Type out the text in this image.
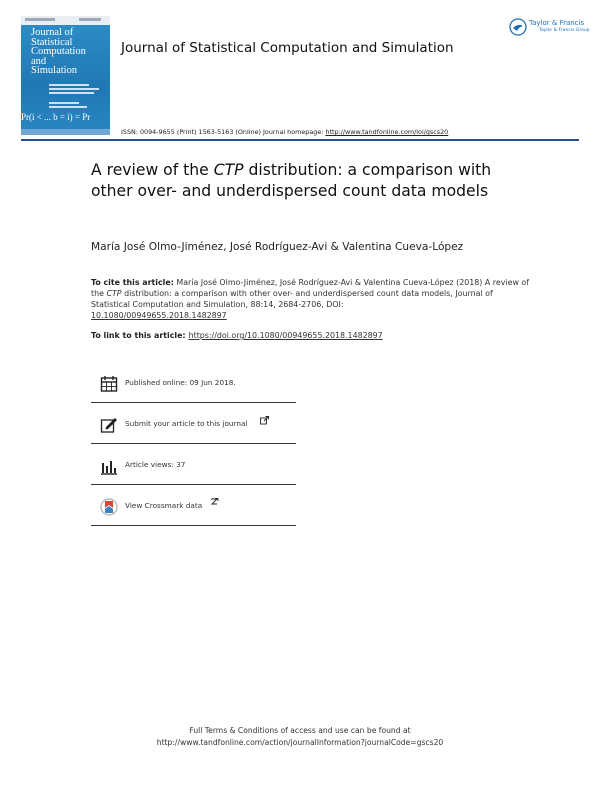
Journal of
Statistical
Computation
and
Simulation
Pr(i < ... b = i) = Pr
Journal of Statistical Computation and Simulation
Taylor & Francis
Taylor & Francis Group
ISSN: 0094-9655 (Print) 1563-5163 (Online) Journal homepage: http://www.tandfonline.com/loi/gscs20
A review of the CTP distribution: a comparison with other over- and underdispersed count data models
María José Olmo-Jiménez, José Rodríguez-Avi & Valentina Cueva-López
To cite this article: María José Olmo-Jiménez, José Rodríguez-Avi & Valentina Cueva-López (2018) A review of the CTP distribution: a comparison with other over- and underdispersed count data models, Journal of Statistical Computation and Simulation, 88:14, 2684-2706, DOI:
10.1080/00949655.2018.1482897
To link to this article: https://doi.org/10.1080/00949655.2018.1482897
Published online: 09 Jun 2018.
Submit your article to this journal
Article views: 37
View Crossmark data
Full Terms & Conditions of access and use can be found at
http://www.tandfonline.com/action/journalInformation?journalCode=gscs20
